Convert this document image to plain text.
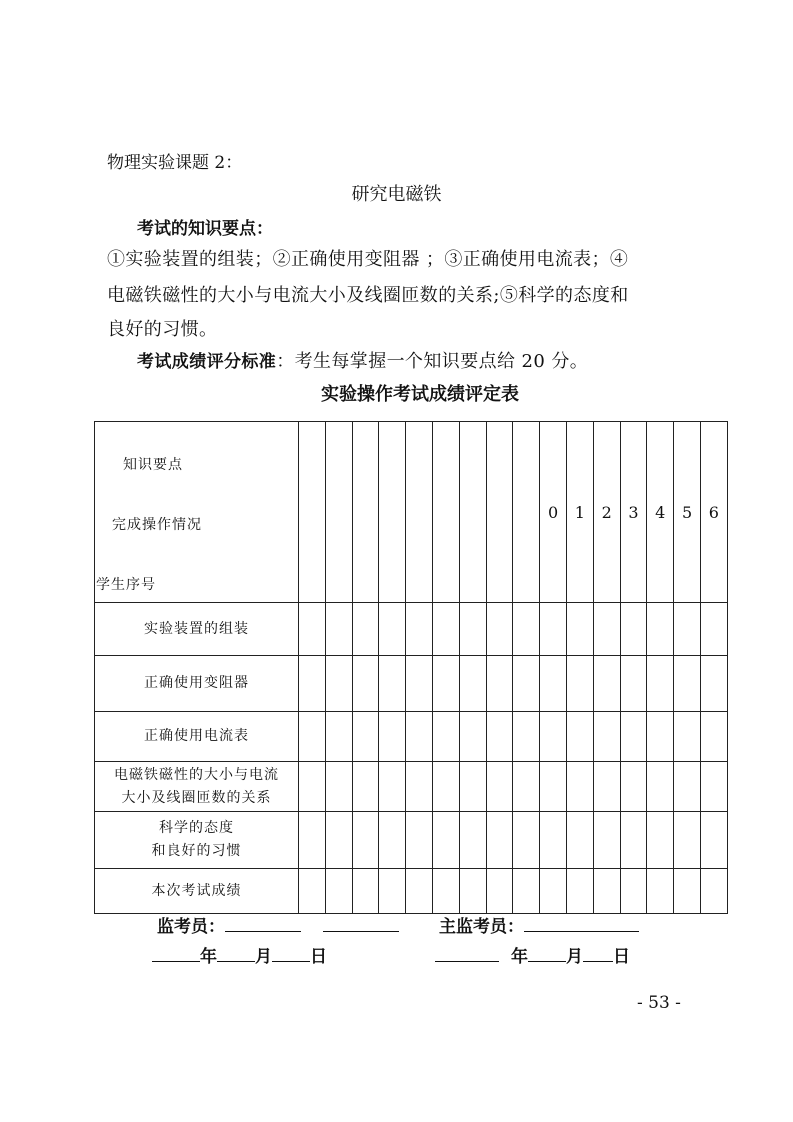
物理实验课题 2：
研究电磁铁
考试的知识要点：
①实验装置的组装；②正确使用变阻器 ；③正确使用电流表；④
电磁铁磁性的大小与电流大小及线圈匝数的关系;⑤科学的态度和
良好的习惯。
考试成绩评分标准：考生每掌握一个知识要点给 20 分。
实验操作考试成绩评定表
知识要点
完成操作情况
学生序号										0	1	2	3	4	5	6
实验装置的组装																
正确使用变阻器																
正确使用电流表																

电磁铁磁性的大小与电流
大小及线圈匝数的关系																

科学的态度
和良好的习惯																

本次考试成绩																
监考员：	主监考员：
年 月 日	年 月 日
- 53 -
